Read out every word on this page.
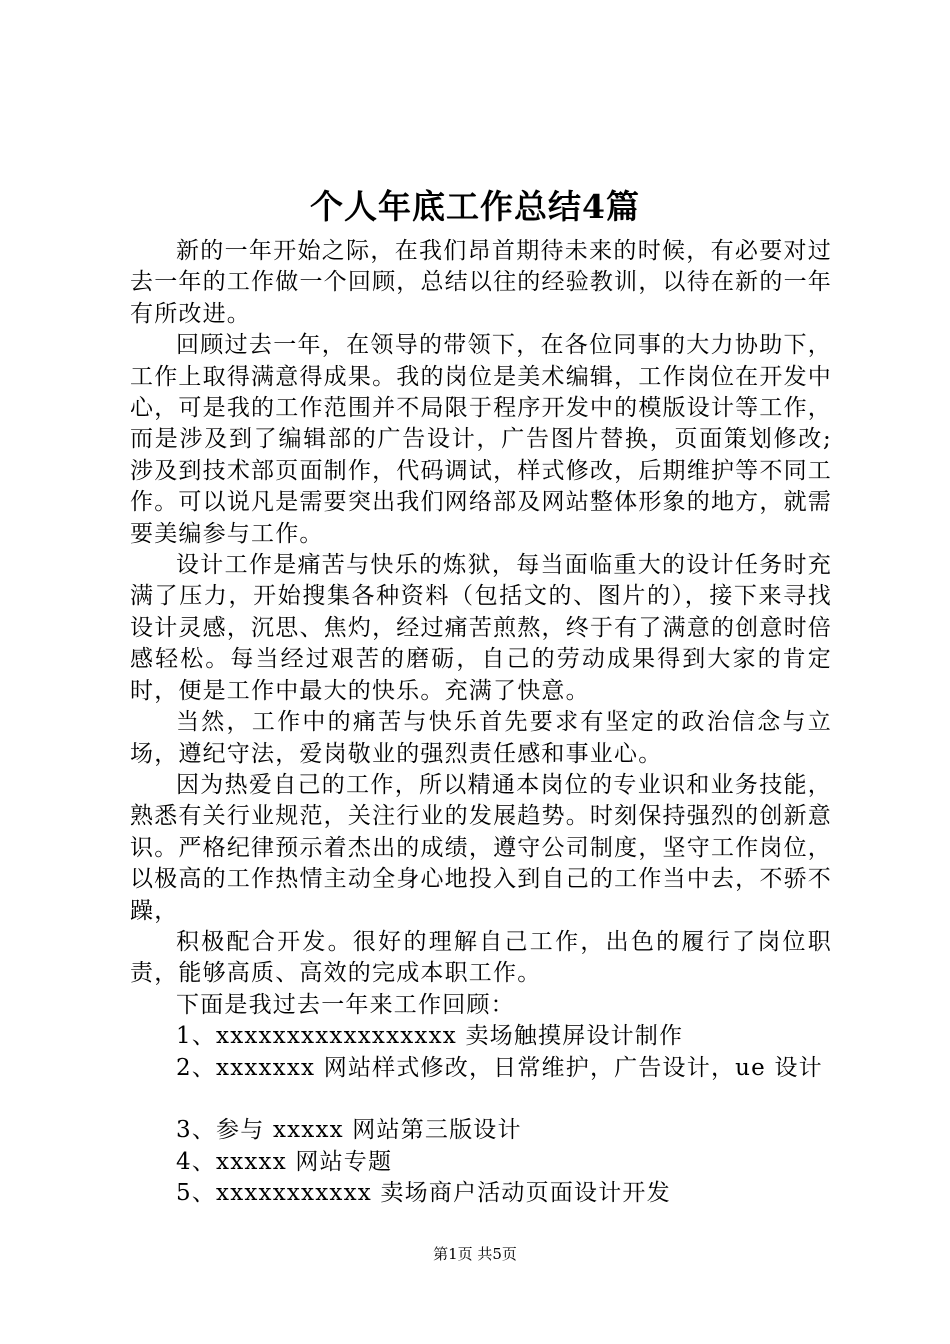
个人年底工作总结4篇

新的一年开始之际，在我们昂首期待未来的时候，有必要对过去一年的工作做一个回顾，总结以往的经验教训，以待在新的一年有所改进。

回顾过去一年，在领导的带领下，在各位同事的大力协助下，工作上取得满意得成果。我的岗位是美术编辑，工作岗位在开发中心，可是我的工作范围并不局限于程序开发中的模版设计等工作，而是涉及到了编辑部的广告设计，广告图片替换，页面策划修改;涉及到技术部页面制作，代码调试，样式修改，后期维护等不同工作。可以说凡是需要突出我们网络部及网站整体形象的地方，就需要美编参与工作。

设计工作是痛苦与快乐的炼狱，每当面临重大的设计任务时充满了压力，开始搜集各种资料（包括文的、图片的），接下来寻找设计灵感，沉思、焦灼，经过痛苦煎熬，终于有了满意的创意时倍感轻松。每当经过艰苦的磨砺，自己的劳动成果得到大家的肯定时，便是工作中最大的快乐。充满了快意。

当然，工作中的痛苦与快乐首先要求有坚定的政治信念与立场，遵纪守法，爱岗敬业的强烈责任感和事业心。

因为热爱自己的工作，所以精通本岗位的专业识和业务技能，熟悉有关行业规范，关注行业的发展趋势。时刻保持强烈的创新意识。严格纪律预示着杰出的成绩，遵守公司制度，坚守工作岗位，以极高的工作热情主动全身心地投入到自己的工作当中去，不骄不躁，

积极配合开发。很好的理解自己工作，出色的履行了岗位职责，能够高质、高效的完成本职工作。

下面是我过去一年来工作回顾：

1、xxxxxxxxxxxxxxxxx 卖场触摸屏设计制作

2、xxxxxxx 网站样式修改，日常维护，广告设计，ue 设计

3、参与 xxxxx 网站第三版设计

4、xxxxx 网站专题

5、xxxxxxxxxxx 卖场商户活动页面设计开发

第1页 共5页
